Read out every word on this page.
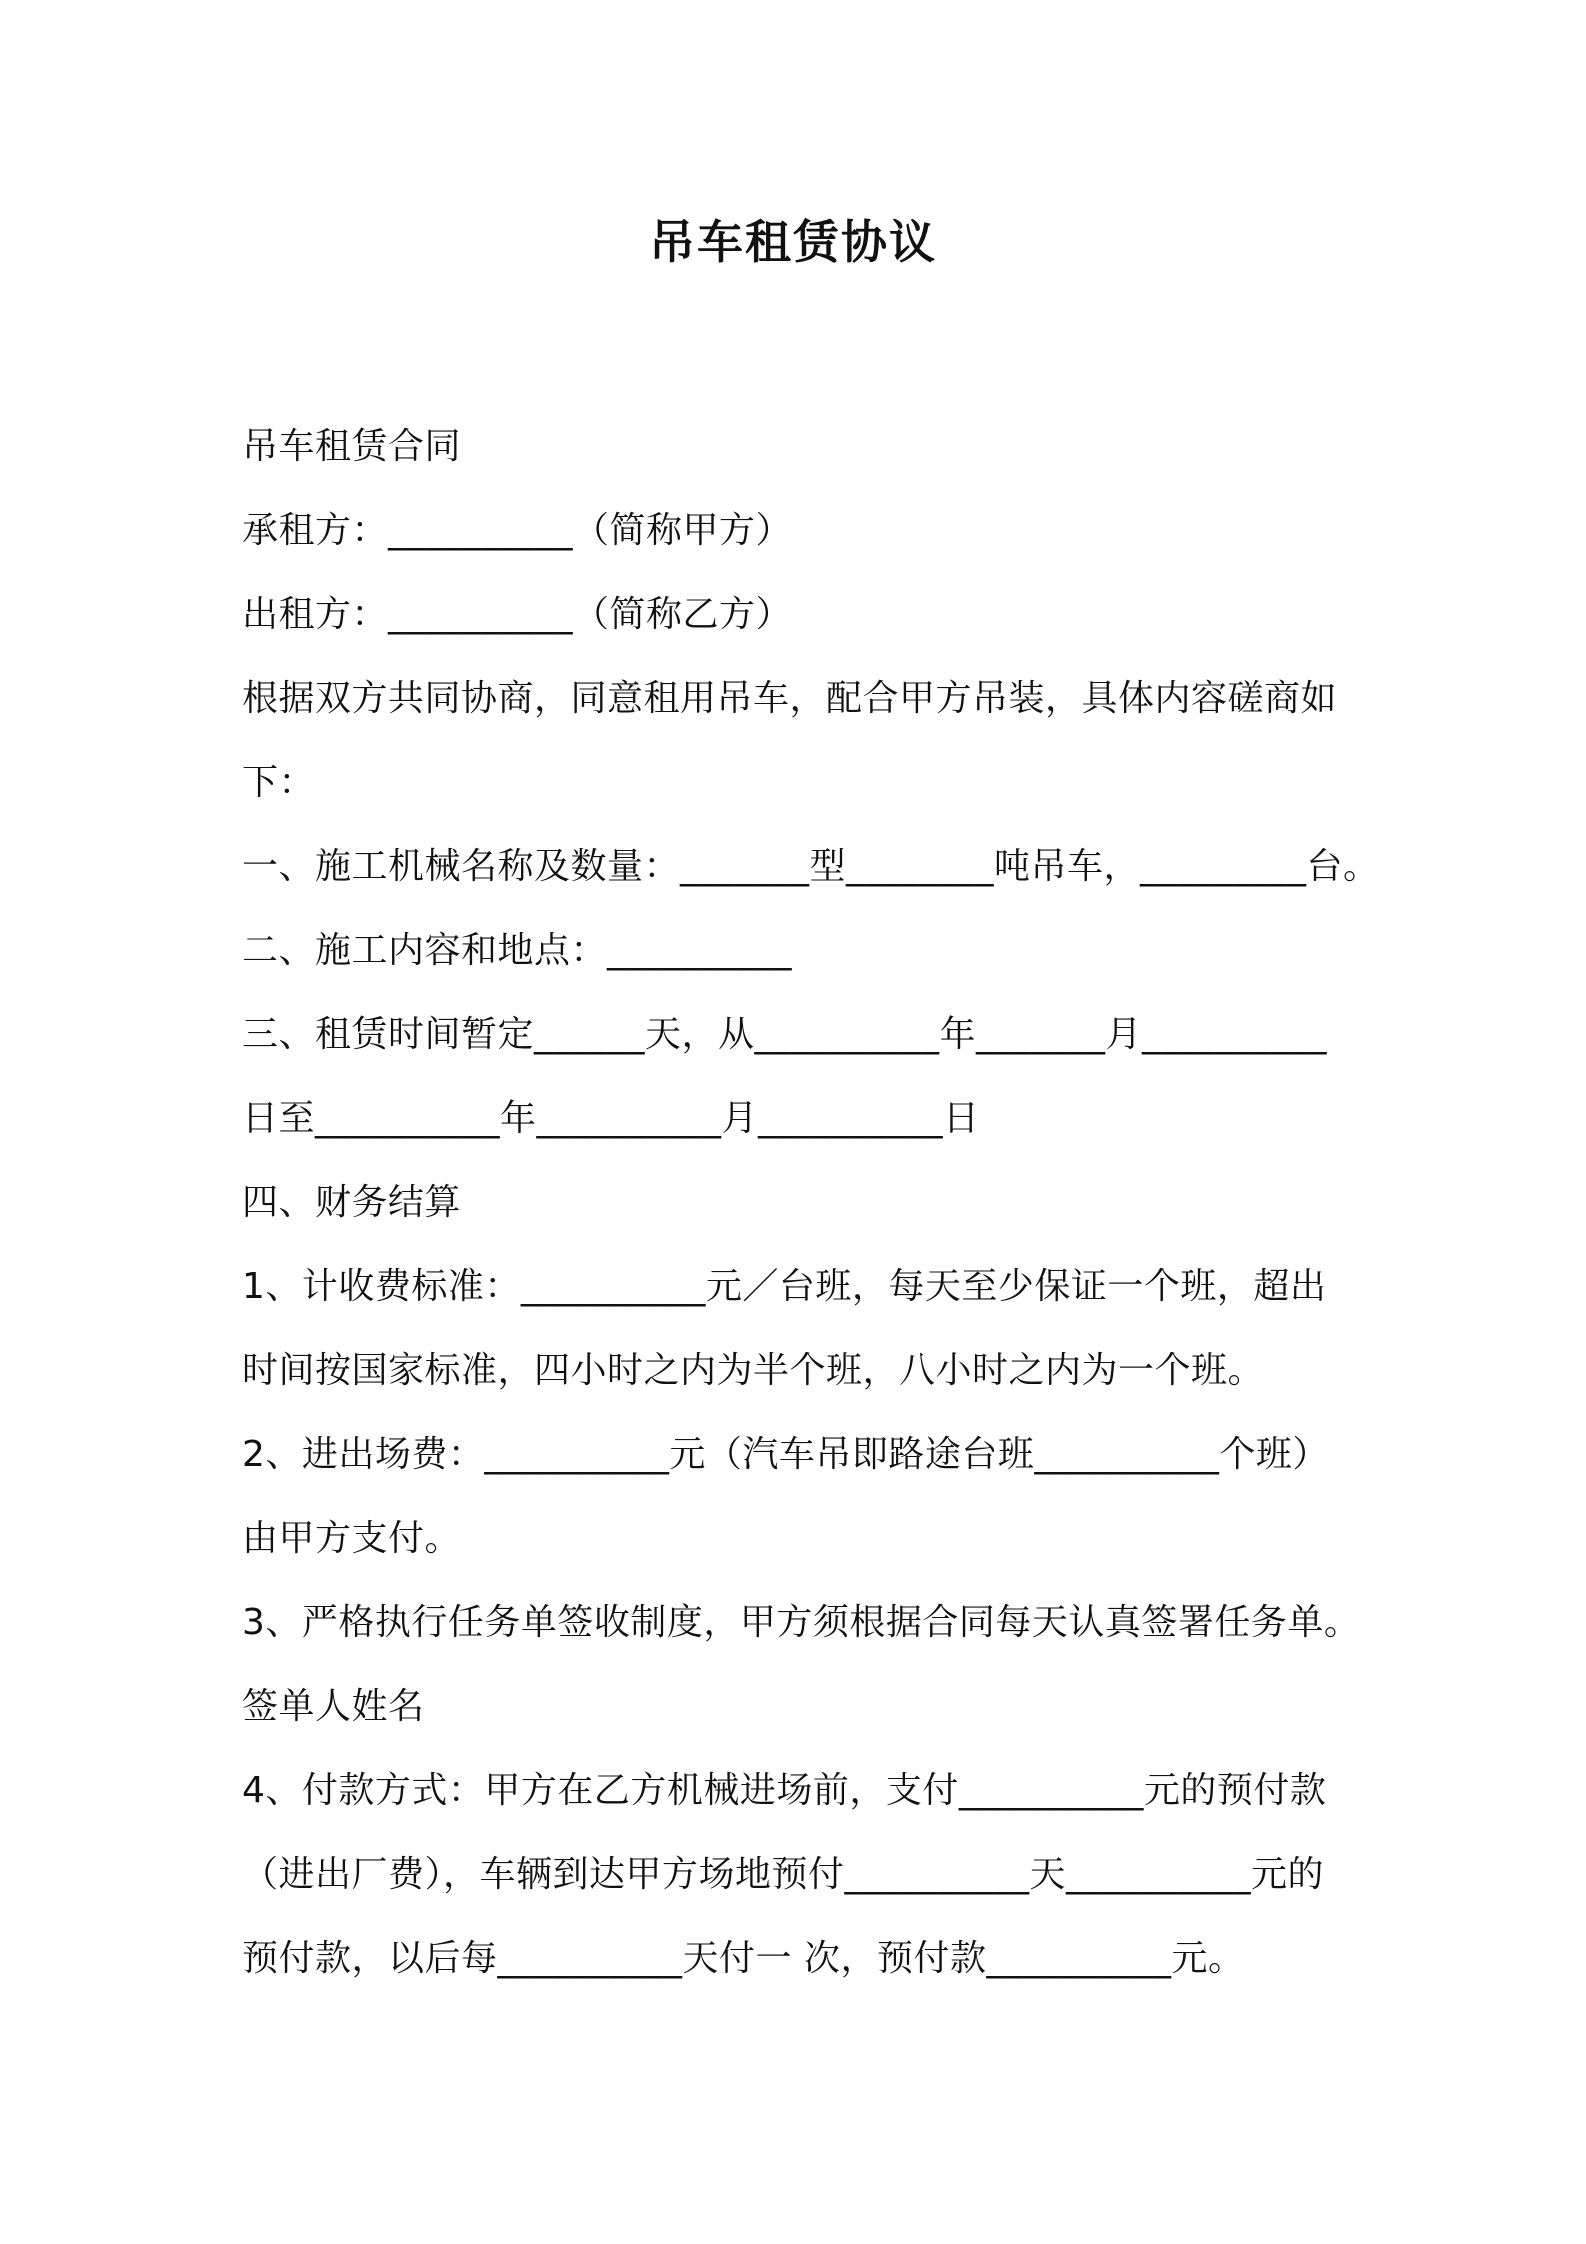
吊车租赁协议
吊车租赁合同
承租方：__________（简称甲方）
出租方：__________（简称乙方）
根据双方共同协商，同意租用吊车，配合甲方吊装，具体内容磋商如
下：
一、施工机械名称及数量：_______型________吨吊车，_________台。
二、施工内容和地点：__________
三、租赁时间暂定______天，从__________年_______月__________
日至__________年__________月__________日
四、财务结算
1、计收费标准：__________元／台班，每天至少保证一个班，超出
时间按国家标准，四小时之内为半个班，八小时之内为一个班。
2、进出场费：__________元（汽车吊即路途台班__________个班）
由甲方支付。
3、严格执行任务单签收制度，甲方须根据合同每天认真签署任务单。
签单人姓名
4、付款方式：甲方在乙方机械进场前，支付__________元的预付款
（进出厂费），车辆到达甲方场地预付__________天__________元的
预付款，以后每__________天付一 次，预付款__________元。
